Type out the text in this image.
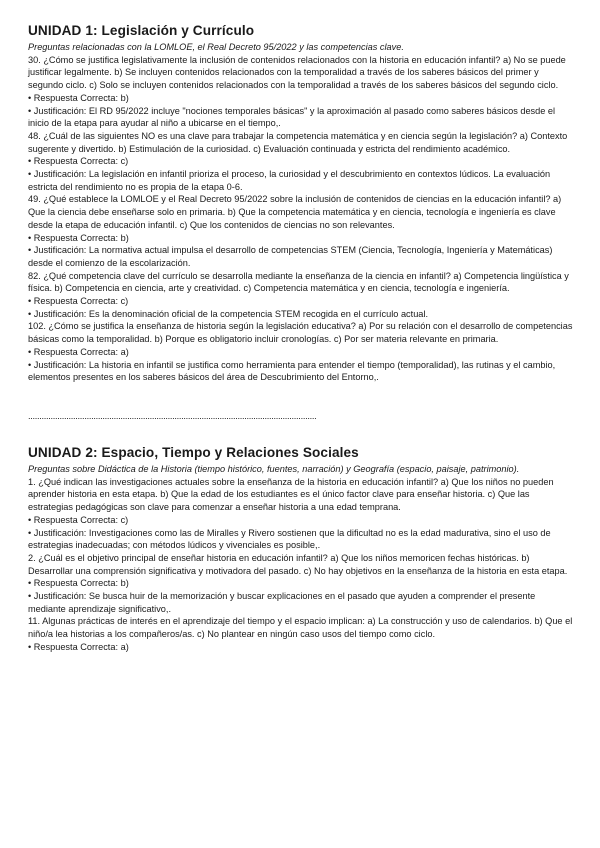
UNIDAD 1: Legislación y Currículo

Preguntas relacionadas con la LOMLOE, el Real Decreto 95/2022 y las competencias clave.

30. ¿Cómo se justifica legislativamente la inclusión de contenidos relacionados con la historia en educación infantil? a) No se puede justificar legalmente. b) Se incluyen contenidos relacionados con la temporalidad a través de los saberes básicos del primer y segundo ciclo. c) Solo se incluyen contenidos relacionados con la temporalidad a través de los saberes básicos del segundo ciclo.

• Respuesta Correcta: b)

• Justificación: El RD 95/2022 incluye "nociones temporales básicas" y la aproximación al pasado como saberes básicos desde el inicio de la etapa para ayudar al niño a ubicarse en el tiempo,.

48. ¿Cuál de las siguientes NO es una clave para trabajar la competencia matemática y en ciencia según la legislación? a) Contexto sugerente y divertido. b) Estimulación de la curiosidad. c) Evaluación continuada y estricta del rendimiento académico.

• Respuesta Correcta: c)

• Justificación: La legislación en infantil prioriza el proceso, la curiosidad y el descubrimiento en contextos lúdicos. La evaluación estricta del rendimiento no es propia de la etapa 0-6.

49. ¿Qué establece la LOMLOE y el Real Decreto 95/2022 sobre la inclusión de contenidos de ciencias en la educación infantil? a) Que la ciencia debe enseñarse solo en primaria. b) Que la competencia matemática y en ciencia, tecnología e ingeniería es clave desde la etapa de educación infantil. c) Que los contenidos de ciencias no son relevantes.

• Respuesta Correcta: b)

• Justificación: La normativa actual impulsa el desarrollo de competencias STEM (Ciencia, Tecnología, Ingeniería y Matemáticas) desde el comienzo de la escolarización.

82. ¿Qué competencia clave del currículo se desarrolla mediante la enseñanza de la ciencia en infantil? a) Competencia lingüística y física. b) Competencia en ciencia, arte y creatividad. c) Competencia matemática y en ciencia, tecnología e ingeniería.

• Respuesta Correcta: c)

• Justificación: Es la denominación oficial de la competencia STEM recogida en el currículo actual.

102. ¿Cómo se justifica la enseñanza de historia según la legislación educativa? a) Por su relación con el desarrollo de competencias básicas como la temporalidad. b) Porque es obligatorio incluir cronologías. c) Por ser materia relevante en primaria.

• Respuesta Correcta: a)

• Justificación: La historia en infantil se justifica como herramienta para entender el tiempo (temporalidad), las rutinas y el cambio, elementos presentes en los saberes básicos del área de Descubrimiento del Entorno,.

................................................................................................................................
UNIDAD 2: Espacio, Tiempo y Relaciones Sociales

Preguntas sobre Didáctica de la Historia (tiempo histórico, fuentes, narración) y Geografía (espacio, paisaje, patrimonio).

1. ¿Qué indican las investigaciones actuales sobre la enseñanza de la historia en educación infantil? a) Que los niños no pueden aprender historia en esta etapa. b) Que la edad de los estudiantes es el único factor clave para enseñar historia. c) Que las estrategias pedagógicas son clave para comenzar a enseñar historia a una edad temprana.

• Respuesta Correcta: c)

• Justificación: Investigaciones como las de Miralles y Rivero sostienen que la dificultad no es la edad madurativa, sino el uso de estrategias inadecuadas; con métodos lúdicos y vivenciales es posible,.

2. ¿Cuál es el objetivo principal de enseñar historia en educación infantil? a) Que los niños memoricen fechas históricas. b) Desarrollar una comprensión significativa y motivadora del pasado. c) No hay objetivos en la enseñanza de la historia en esta etapa.

• Respuesta Correcta: b)

• Justificación: Se busca huir de la memorización y buscar explicaciones en el pasado que ayuden a comprender el presente mediante aprendizaje significativo,.

11. Algunas prácticas de interés en el aprendizaje del tiempo y el espacio implican: a) La construcción y uso de calendarios. b) Que el niño/a lea historias a los compañeros/as. c) No plantear en ningún caso usos del tiempo como ciclo.

• Respuesta Correcta: a)
